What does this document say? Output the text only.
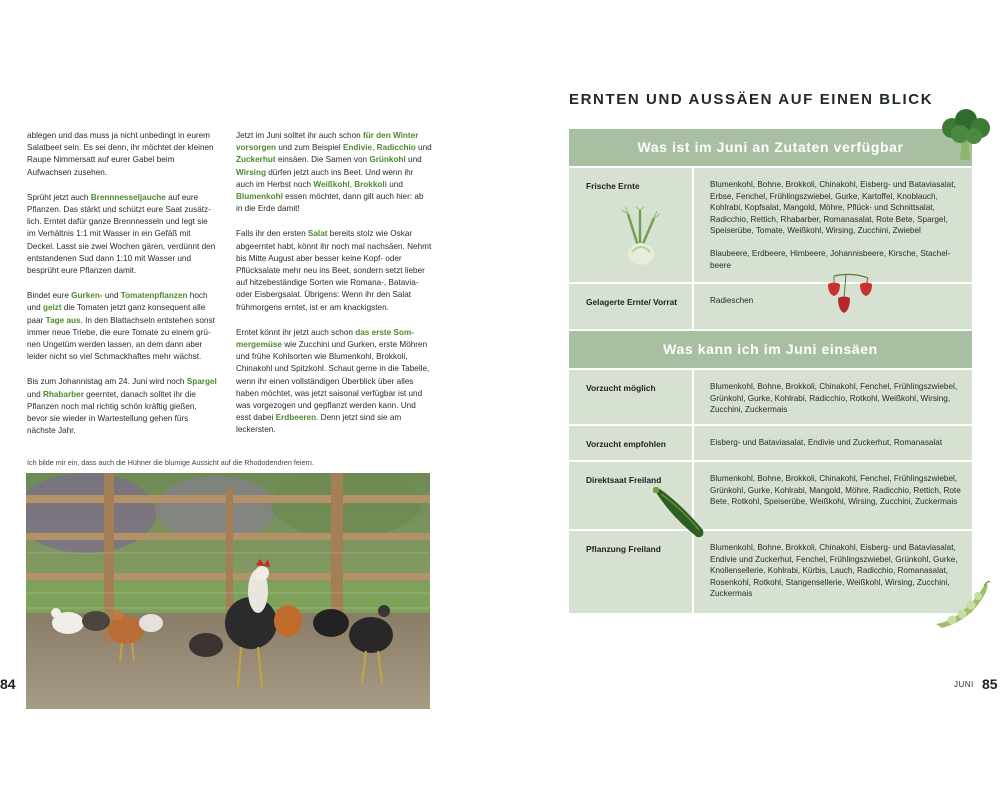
ablegen und das muss ja nicht unbedingt in eurem Salatbeet sein. Es sei denn, ihr möchtet der kleinen Raupe Nimmersatt auf eurer Gabel beim Aufwachsen zusehen.

Sprüht jetzt auch Brennnesseljauche auf eure Pflanzen. Das stärkt und schützt eure Saat zusätzlich. Erntet dafür ganze Brennnesseln und legt sie im Verhältnis 1:1 mit Wasser in ein Gefäß mit Deckel. Lasst sie zwei Wochen gären, verdünnt den entstandenen Sud dann 1:10 mit Wasser und besprüht eure Pflanzen damit.

Bindet eure Gurken- und Tomatenpflanzen hoch und geizt die Tomaten jetzt ganz konsequent alle paar Tage aus. In den Blattachseln entstehen sonst immer neue Triebe, die eure Tomate zu einem grünen Ungetüm werden lassen, an dem dann aber leider nicht so viel Schmackhaftes mehr wächst.

Bis zum Johannistag am 24. Juni wird noch Spargel und Rhabarber geerntet, danach solltet ihr die Pflanzen noch mal richtig schön kräftig gießen, bevor sie wieder in Wartestellung gehen fürs nächste Jahr.

Jetzt im Juni solltet ihr auch schon für den Winter vorsorgen und zum Beispiel Endivie, Radicchio und Zuckerhut einsäen. Die Samen von Grünkohl und Wirsing dürfen jetzt auch ins Beet. Und wenn ihr auch im Herbst noch Weißkohl, Brokkoli und Blumenkohl essen möchtet, dann gilt auch hier: ab in die Erde damit!

Falls ihr den ersten Salat bereits stolz wie Oskar abgeerntet habt, könnt ihr noch mal nachsäen. Nehmt bis Mitte August aber besser keine Kopf- oder Pflücksalate mehr neu ins Beet, sondern setzt lieber auf hitzebeständige Sorten wie Romana-, Batavia- oder Eisbergsalat. Übrigens: Wenn ihr den Salat frühmorgens erntet, ist er am knackigsten.

Erntet könnt ihr jetzt auch schon das erste Sommergemüse wie Zucchini und Gurken, erste Möhren und frühe Kohlsorten wie Blumenkohl, Brokkoli, Chinakohl und Spitzkohl. Schaut gerne in die Tabelle, wenn ihr einen vollständigen Überblick über alles haben möchtet, was jetzt saisonal verfügbar ist und was vorgezogen und gepflanzt werden kann. Und esst dabei Erdbeeren. Denn jetzt sind sie am leckersten.

Ich bilde mir ein, dass auch die Hühner die blumige Aussicht auf die Rhododendren feiern.
84
ERNTEN UND AUSSÄEN AUF EINEN BLICK
Was ist im Juni an Zutaten verfügbar
Frische Ernte	Blumenkohl, Bohne, Brokkoli, Chinakohl, Eisberg- und Bataviasalat, Erbse, Fenchel, Frühlingszwiebel, Gurke, Kartoffel, Knoblauch, Kohlrabi, Kopfsalat, Mangold, Möhre, Pflück- und Schnittsalat, Radicchio, Rettich, Rhabarber, Romanasalat, Rote Bete, Spargel, Speiserübe, Tomate, Weißkohl, Wirsing, Zucchini, Zwiebel

Blaubeere, Erdbeere, Himbeere, Johannisbeere, Kirsche, Stachelbeere

Gelagerte Ernte/ Vorrat	Radieschen

Was kann ich im Juni einsäen
Vorzucht möglich	Blumenkohl, Bohne, Brokkoli, Chinakohl, Fenchel, Frühlingszwiebel, Grünkohl, Gurke, Kohlrabi, Radicchio, Rotkohl, Weißkohl, Wirsing, Zucchini, Zuckermais

Vorzucht empfohlen	Eisberg- und Bataviasalat, Endivie und Zuckerhut, Romanasalat

Direktsaat Freiland	Blumenkohl, Bohne, Brokkoli, Chinakohl, Fenchel, Frühlingszwiebel, Grünkohl, Gurke, Kohlrabi, Mangold, Möhre, Radicchio, Rettich, Rote Bete, Rotkohl, Speiserübe, Weißkohl, Wirsing, Zucchini, Zuckermais

Pflanzung Freiland	Blumenkohl, Bohne, Brokkoli, Chinakohl, Eisberg- und Bataviasalat, Endivie und Zuckerhut, Fenchel, Frühlingszwiebel, Grünkohl, Gurke, Knollensellerie, Kohlrabi, Kürbis, Lauch, Radicchio, Romanasalat, Rosenkohl, Rotkohl, Stangensellerie, Weißkohl, Wirsing, Zucchini, Zuckermais

JUNI 85
